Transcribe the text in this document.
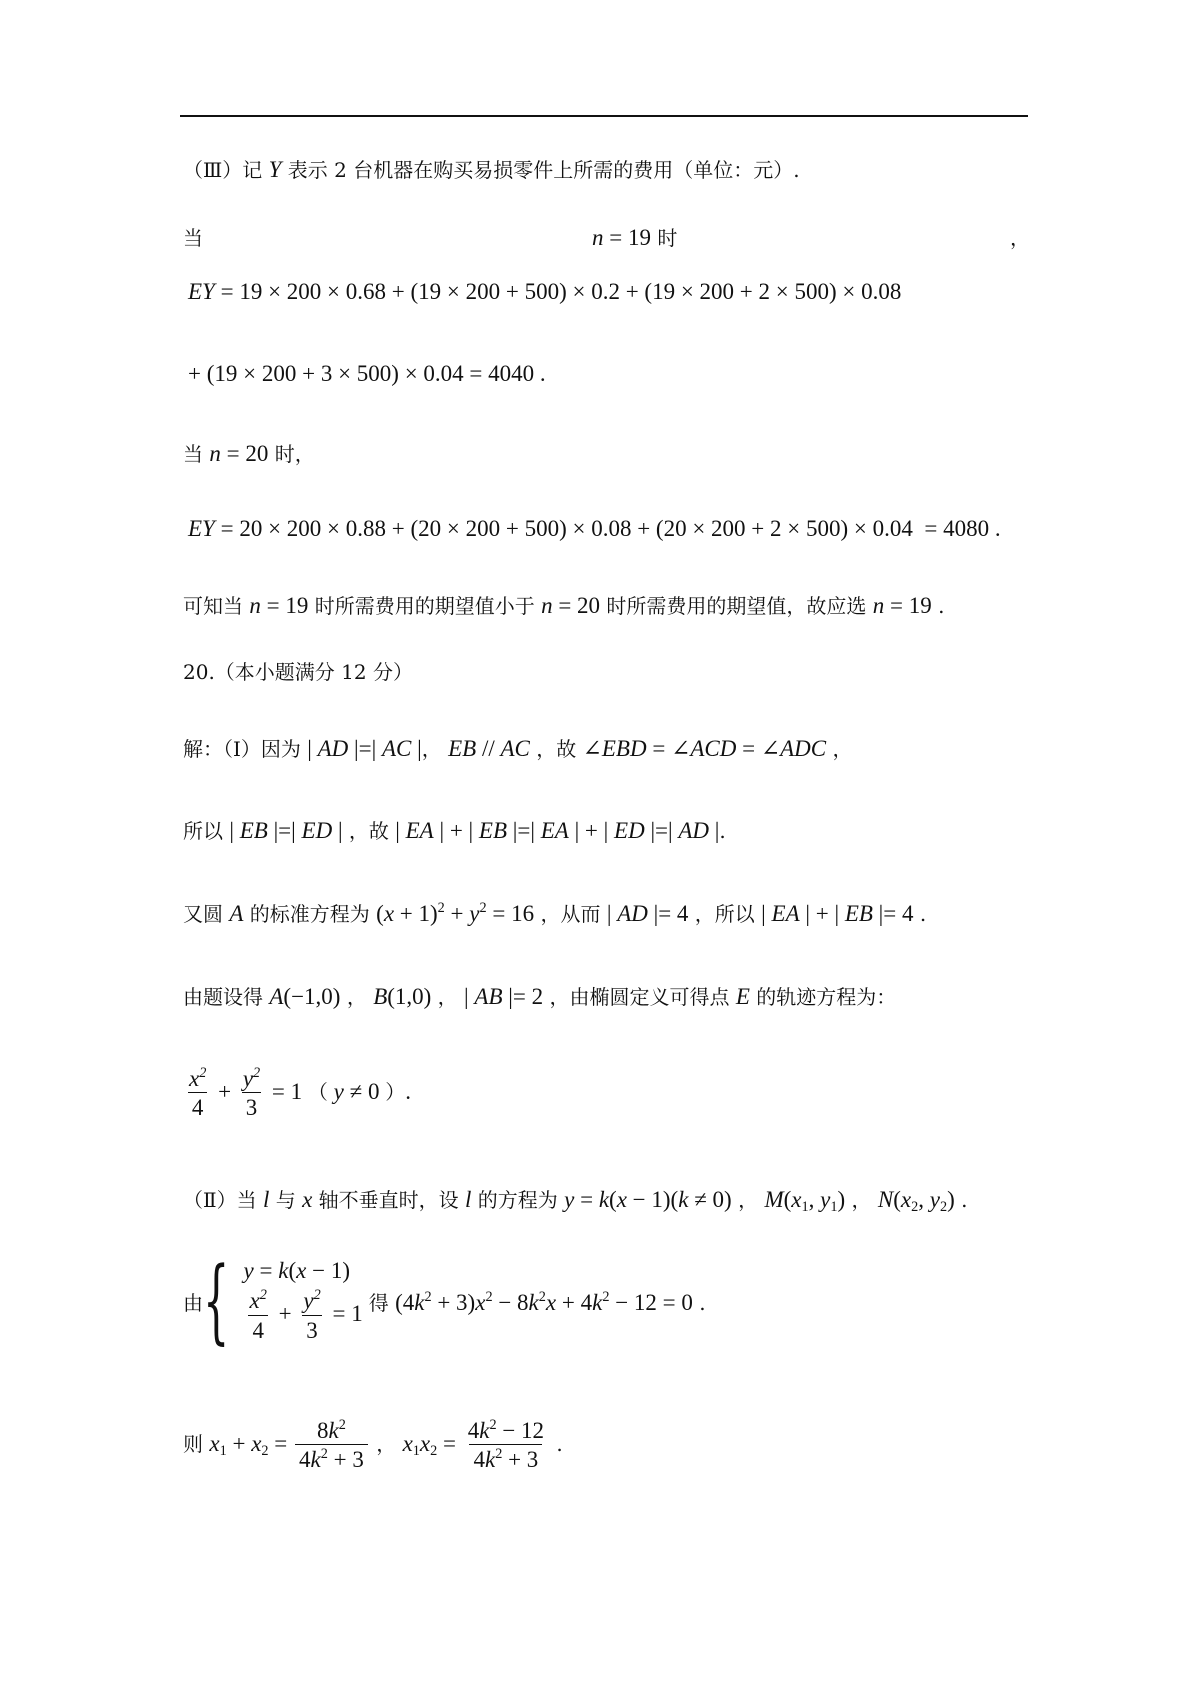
（Ⅲ）记 Y 表示 2 台机器在购买易损零件上所需的费用（单位：元）.
当	n = 19 时	，
EY = 19 × 200 × 0.68 + (19 × 200 + 500) × 0.2 + (19 × 200 + 2 × 500) × 0.08
+ (19 × 200 + 3 × 500) × 0.04 = 4040 .
当 n = 20 时，
EY = 20 × 200 × 0.88 + (20 × 200 + 500) × 0.08 + (20 × 200 + 2 × 500) × 0.04  = 4080 .
可知当 n = 19 时所需费用的期望值小于 n = 20 时所需费用的期望值，故应选 n = 19 .
20.（本小题满分 12 分）
解：（Ⅰ）因为 | AD |=| AC |， EB // AC ，故 ∠EBD = ∠ACD = ∠ADC ，
所以 | EB |=| ED | ，故 | EA | + | EB |=| EA | + | ED |=| AD |.
又圆 A 的标准方程为 $(x + 1)^2 + y^2 = 16$ ，从而 | AD |= 4 ，所以 | EA | + | EB |= 4 .
由题设得 A(−1,0) ， B(1,0) ， | AB |= 2 ，由椭圆定义可得点 E 的轨迹方程为：
$\frac{x^2}{4} + \frac{y^2}{3} = 1$ （ y ≠ 0 ）.
（Ⅱ）当 l 与 x 轴不垂直时，设 l 的方程为 y = k(x − 1)(k ≠ 0) ， $M(x_1$, $y_1$) ， $N(x_2$, $y_2$) .
由 { y = k(x − 1)
$\frac{x^2}{4} + \frac{y^2}{3} = 1$ 得 $(4k^2 + 3)x^2 - 8k^2x + 4k^2 - 12 = 0$ .
则 $x_1 + x_2 = \frac{8k^2}{4k^2 + 3}$ ， $x_1x_2 = \frac{4k^2 - 12}{4k^2 + 3}$ .
